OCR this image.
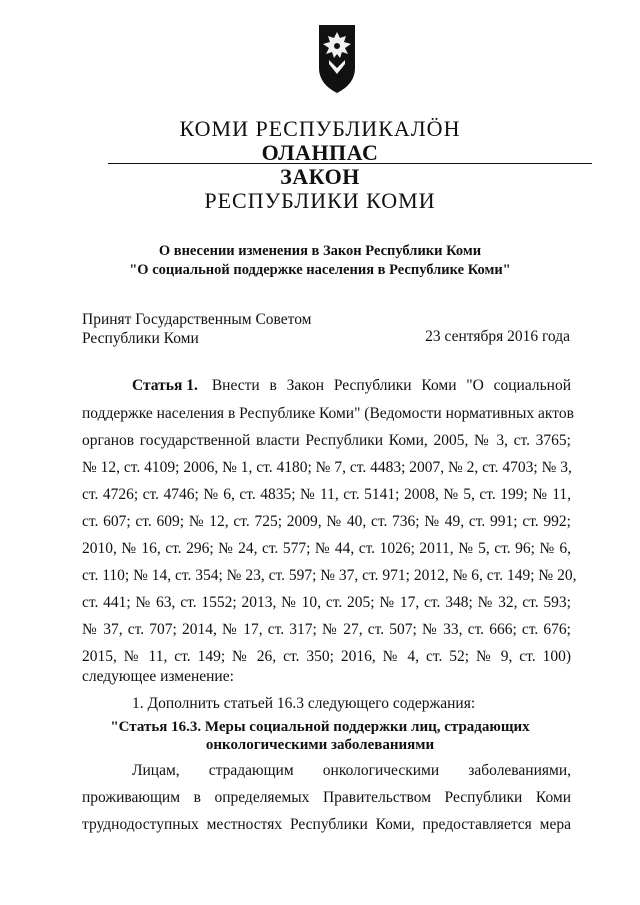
КОМИ РЕСПУБЛИКАЛӦН
ОЛАНПАС
ЗАКОН
РЕСПУБЛИКИ КОМИ
О внесении изменения в Закон Республики Коми
"О социальной поддержке населения в Республике Коми"
Принят Государственным Советом
Республики Коми	23 сентября 2016 года
Статья 1. Внести в Закон Республики Коми "О социальной
поддержке населения в Республике Коми" (Ведомости нормативных актов
органов государственной власти Республики Коми, 2005, № 3, ст. 3765;
№ 12, ст. 4109; 2006, № 1, ст. 4180; № 7, ст. 4483; 2007, № 2, ст. 4703; № 3,
ст. 4726; ст. 4746; № 6, ст. 4835; № 11, ст. 5141; 2008, № 5, ст. 199; № 11,
ст. 607; ст. 609; № 12, ст. 725; 2009, № 40, ст. 736; № 49, ст. 991; ст. 992;
2010, № 16, ст. 296; № 24, ст. 577; № 44, ст. 1026; 2011, № 5, ст. 96; № 6,
ст. 110; № 14, ст. 354; № 23, ст. 597; № 37, ст. 971; 2012, № 6, ст. 149; № 20,
ст. 441; № 63, ст. 1552; 2013, № 10, ст. 205; № 17, ст. 348; № 32, ст. 593;
№ 37, ст. 707; 2014, № 17, ст. 317; № 27, ст. 507; № 33, ст. 666; ст. 676;
2015, № 11, ст. 149; № 26, ст. 350; 2016, № 4, ст. 52; № 9, ст. 100)
следующее изменение:
1. Дополнить статьей 16.3 следующего содержания:
"Статья 16.3. Меры социальной поддержки лиц, страдающих
онкологическими заболеваниями
Лицам, страдающим онкологическими заболеваниями,
проживающим в определяемых Правительством Республики Коми
труднодоступных местностях Республики Коми, предоставляется мера
